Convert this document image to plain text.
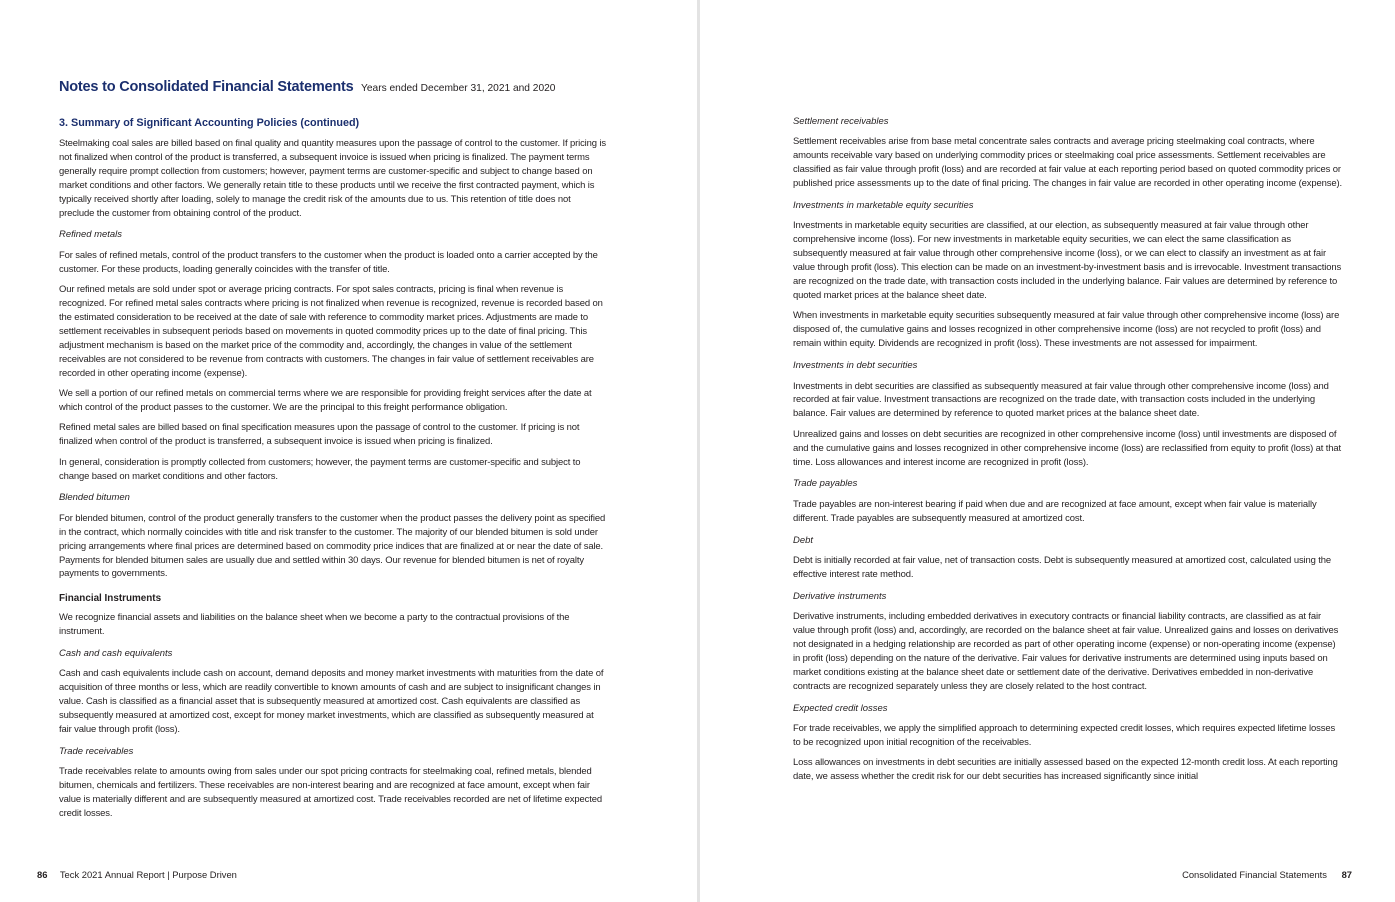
Notes to Consolidated Financial Statements Years ended December 31, 2021 and 2020
3. Summary of Significant Accounting Policies (continued)

Steelmaking coal sales are billed based on final quality and quantity measures upon the passage of control to the customer. If pricing is not finalized when control of the product is transferred, a subsequent invoice is issued when pricing is finalized. The payment terms generally require prompt collection from customers; however, payment terms are customer-specific and subject to change based on market conditions and other factors. We generally retain title to these products until we receive the first contracted payment, which is typically received shortly after loading, solely to manage the credit risk of the amounts due to us. This retention of title does not preclude the customer from obtaining control of the product.

Refined metals

For sales of refined metals, control of the product transfers to the customer when the product is loaded onto a carrier accepted by the customer. For these products, loading generally coincides with the transfer of title.

Our refined metals are sold under spot or average pricing contracts. For spot sales contracts, pricing is final when revenue is recognized. For refined metal sales contracts where pricing is not finalized when revenue is recognized, revenue is recorded based on the estimated consideration to be received at the date of sale with reference to commodity market prices. Adjustments are made to settlement receivables in subsequent periods based on movements in quoted commodity prices up to the date of final pricing. This adjustment mechanism is based on the market price of the commodity and, accordingly, the changes in value of the settlement receivables are not considered to be revenue from contracts with customers. The changes in fair value of settlement receivables are recorded in other operating income (expense).

We sell a portion of our refined metals on commercial terms where we are responsible for providing freight services after the date at which control of the product passes to the customer. We are the principal to this freight performance obligation.

Refined metal sales are billed based on final specification measures upon the passage of control to the customer. If pricing is not finalized when control of the product is transferred, a subsequent invoice is issued when pricing is finalized.

In general, consideration is promptly collected from customers; however, the payment terms are customer-specific and subject to change based on market conditions and other factors.

Blended bitumen

For blended bitumen, control of the product generally transfers to the customer when the product passes the delivery point as specified in the contract, which normally coincides with title and risk transfer to the customer. The majority of our blended bitumen is sold under pricing arrangements where final prices are determined based on commodity price indices that are finalized at or near the date of sale. Payments for blended bitumen sales are usually due and settled within 30 days. Our revenue for blended bitumen is net of royalty payments to governments.

Financial Instruments

We recognize financial assets and liabilities on the balance sheet when we become a party to the contractual provisions of the instrument.

Cash and cash equivalents

Cash and cash equivalents include cash on account, demand deposits and money market investments with maturities from the date of acquisition of three months or less, which are readily convertible to known amounts of cash and are subject to insignificant changes in value. Cash is classified as a financial asset that is subsequently measured at amortized cost. Cash equivalents are classified as subsequently measured at amortized cost, except for money market investments, which are classified as subsequently measured at fair value through profit (loss).

Trade receivables

Trade receivables relate to amounts owing from sales under our spot pricing contracts for steelmaking coal, refined metals, blended bitumen, chemicals and fertilizers. These receivables are non-interest bearing and are recognized at face amount, except when fair value is materially different and are subsequently measured at amortized cost. Trade receivables recorded are net of lifetime expected credit losses.

86 Teck 2021 Annual Report | Purpose Driven
Settlement receivables

Settlement receivables arise from base metal concentrate sales contracts and average pricing steelmaking coal contracts, where amounts receivable vary based on underlying commodity prices or steelmaking coal price assessments. Settlement receivables are classified as fair value through profit (loss) and are recorded at fair value at each reporting period based on quoted commodity prices or published price assessments up to the date of final pricing. The changes in fair value are recorded in other operating income (expense).

Investments in marketable equity securities

Investments in marketable equity securities are classified, at our election, as subsequently measured at fair value through other comprehensive income (loss). For new investments in marketable equity securities, we can elect the same classification as subsequently measured at fair value through other comprehensive income (loss), or we can elect to classify an investment as at fair value through profit (loss). This election can be made on an investment-by-investment basis and is irrevocable. Investment transactions are recognized on the trade date, with transaction costs included in the underlying balance. Fair values are determined by reference to quoted market prices at the balance sheet date.

When investments in marketable equity securities subsequently measured at fair value through other comprehensive income (loss) are disposed of, the cumulative gains and losses recognized in other comprehensive income (loss) are not recycled to profit (loss) and remain within equity. Dividends are recognized in profit (loss). These investments are not assessed for impairment.

Investments in debt securities

Investments in debt securities are classified as subsequently measured at fair value through other comprehensive income (loss) and recorded at fair value. Investment transactions are recognized on the trade date, with transaction costs included in the underlying balance. Fair values are determined by reference to quoted market prices at the balance sheet date.

Unrealized gains and losses on debt securities are recognized in other comprehensive income (loss) until investments are disposed of and the cumulative gains and losses recognized in other comprehensive income (loss) are reclassified from equity to profit (loss) at that time. Loss allowances and interest income are recognized in profit (loss).

Trade payables

Trade payables are non-interest bearing if paid when due and are recognized at face amount, except when fair value is materially different. Trade payables are subsequently measured at amortized cost.

Debt

Debt is initially recorded at fair value, net of transaction costs. Debt is subsequently measured at amortized cost, calculated using the effective interest rate method.

Derivative instruments

Derivative instruments, including embedded derivatives in executory contracts or financial liability contracts, are classified as at fair value through profit (loss) and, accordingly, are recorded on the balance sheet at fair value. Unrealized gains and losses on derivatives not designated in a hedging relationship are recorded as part of other operating income (expense) or non-operating income (expense) in profit (loss) depending on the nature of the derivative. Fair values for derivative instruments are determined using inputs based on market conditions existing at the balance sheet date or settlement date of the derivative. Derivatives embedded in non-derivative contracts are recognized separately unless they are closely related to the host contract.

Expected credit losses

For trade receivables, we apply the simplified approach to determining expected credit losses, which requires expected lifetime losses to be recognized upon initial recognition of the receivables.

Loss allowances on investments in debt securities are initially assessed based on the expected 12-month credit loss. At each reporting date, we assess whether the credit risk for our debt securities has increased significantly since initial

Consolidated Financial Statements 87
